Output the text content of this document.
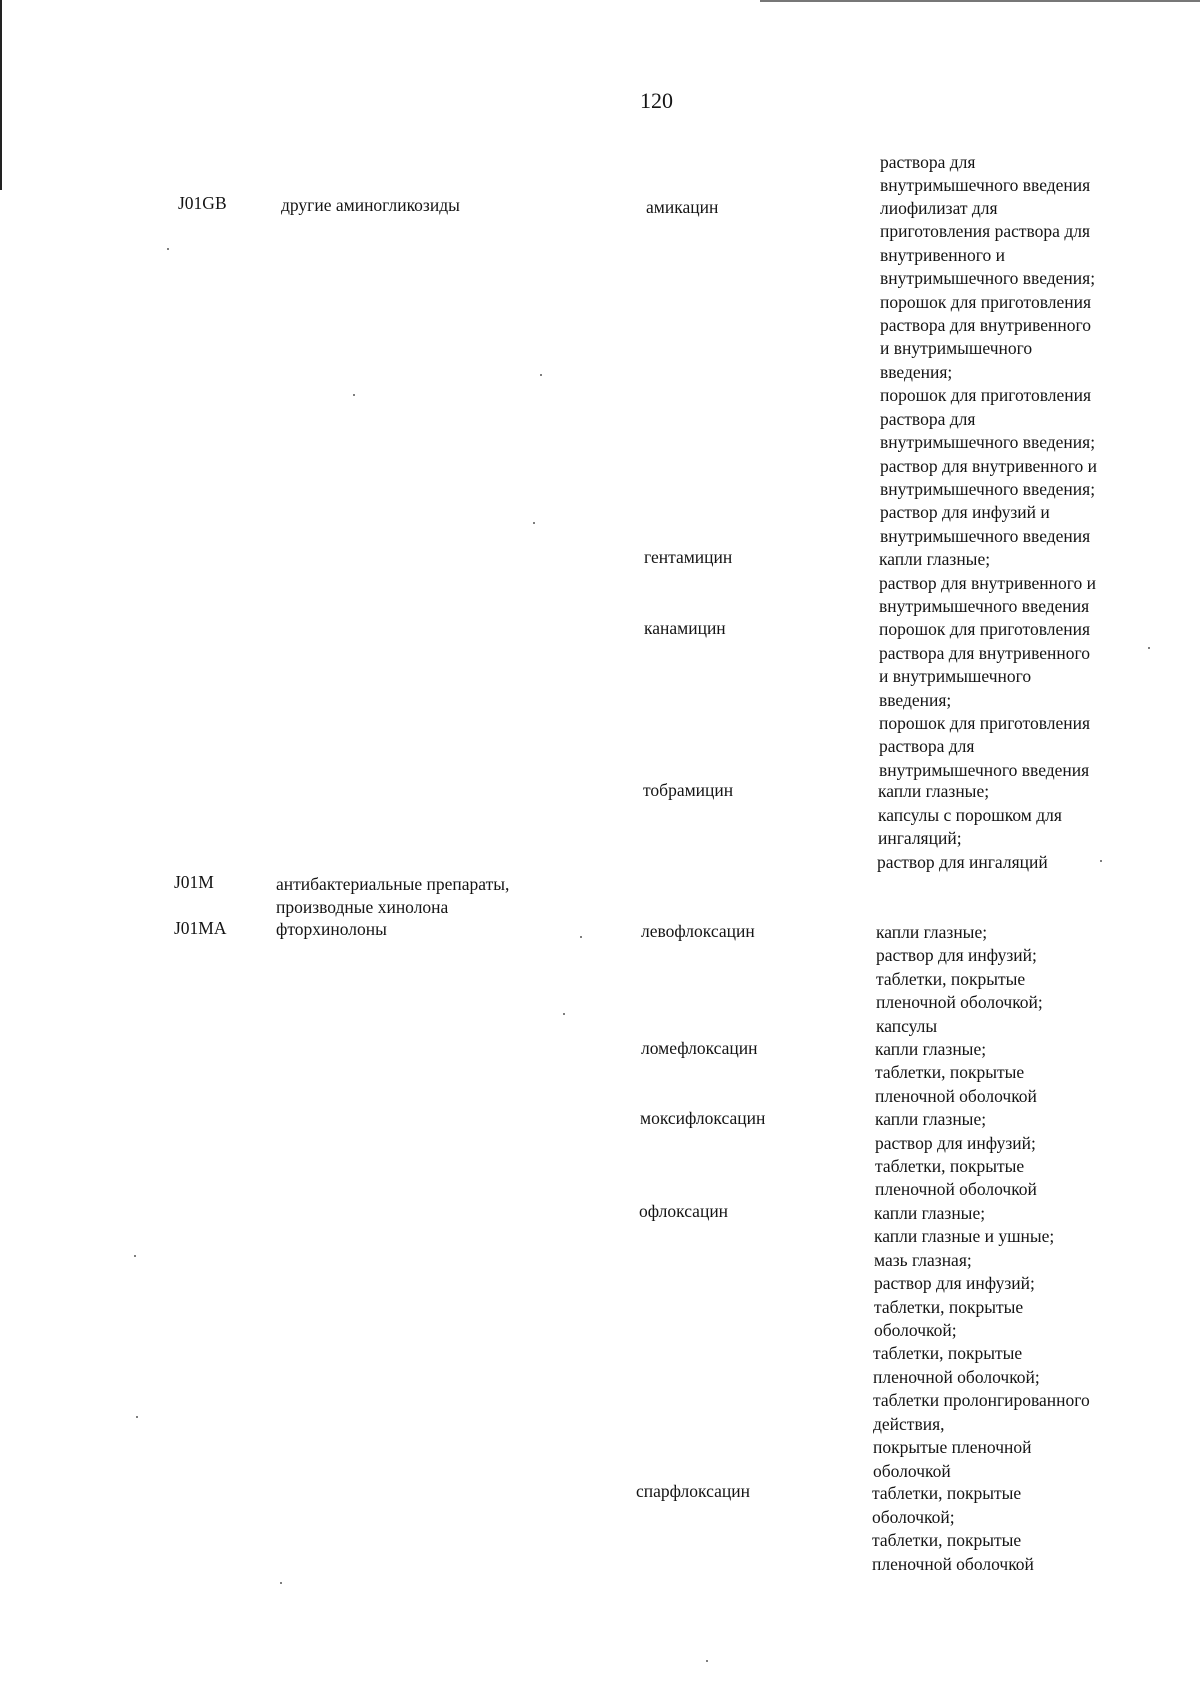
120
J01GB
J01M
J01MA
другие аминогликозиды
антибактериальные препараты,
производные хинолона
фторхинолоны
амикацин
гентамицин
канамицин
тобрамицин
левофлоксацин
ломефлоксацин
моксифлоксацин
офлоксацин
спарфлоксацин
раствора для
внутримышечного введения
лиофилизат для
приготовления раствора для
внутривенного и
внутримышечного введения;
порошок для приготовления
раствора для внутривенного
и внутримышечного
введения;
порошок для приготовления
раствора для
внутримышечного введения;
раствор для внутривенного и
внутримышечного введения;
раствор для инфузий и
внутримышечного введения
капли глазные;
раствор для внутривенного и
внутримышечного введения
порошок для приготовления
раствора для внутривенного
и внутримышечного
введения;
порошок для приготовления
раствора для
внутримышечного введения
капли глазные;
капсулы с порошком для
ингаляций;
раствор для ингаляций
капли глазные;
раствор для инфузий;
таблетки, покрытые
пленочной оболочкой;
капсулы
капли глазные;
таблетки, покрытые
пленочной оболочкой
капли глазные;
раствор для инфузий;
таблетки, покрытые
пленочной оболочкой
капли глазные;
капли глазные и ушные;
мазь глазная;
раствор для инфузий;
таблетки, покрытые
оболочкой;
таблетки, покрытые
пленочной оболочкой;
таблетки пролонгированного
действия,
покрытые пленочной
оболочкой
таблетки, покрытые
оболочкой;
таблетки, покрытые
пленочной оболочкой
